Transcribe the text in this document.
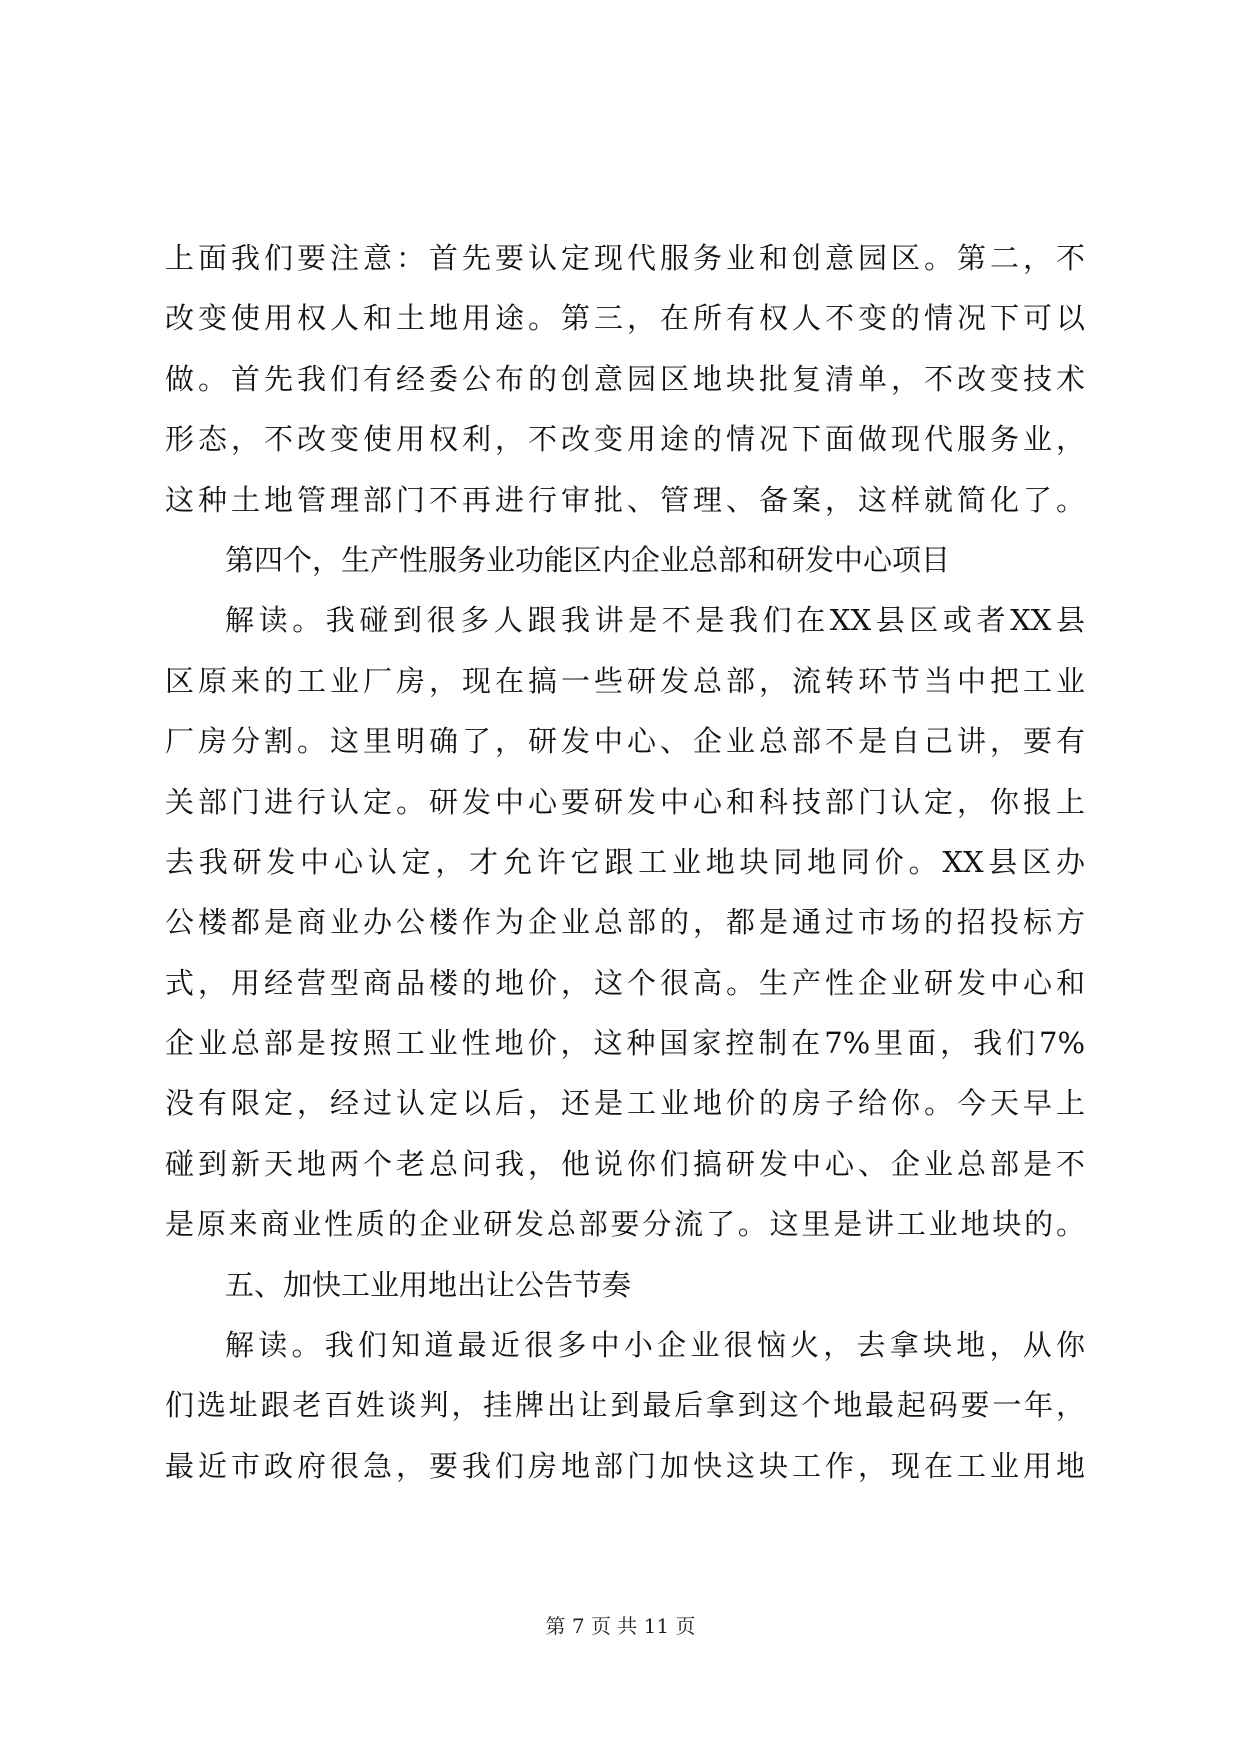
上面我们要注意：首先要认定现代服务业和创意园区。第二，不
改变使用权人和土地用途。第三，在所有权人不变的情况下可以
做。首先我们有经委公布的创意园区地块批复清单，不改变技术
形态，不改变使用权利，不改变用途的情况下面做现代服务业，
这种土地管理部门不再进行审批、管理、备案，这样就简化了。
第四个，生产性服务业功能区内企业总部和研发中心项目
解读。我碰到很多人跟我讲是不是我们在XX县区或者XX县
区原来的工业厂房，现在搞一些研发总部，流转环节当中把工业
厂房分割。这里明确了，研发中心、企业总部不是自己讲，要有
关部门进行认定。研发中心要研发中心和科技部门认定，你报上
去我研发中心认定，才允许它跟工业地块同地同价。XX县区办
公楼都是商业办公楼作为企业总部的，都是通过市场的招投标方
式，用经营型商品楼的地价，这个很高。生产性企业研发中心和
企业总部是按照工业性地价，这种国家控制在7%里面，我们7%
没有限定，经过认定以后，还是工业地价的房子给你。今天早上
碰到新天地两个老总问我，他说你们搞研发中心、企业总部是不
是原来商业性质的企业研发总部要分流了。这里是讲工业地块的。
五、加快工业用地出让公告节奏
解读。我们知道最近很多中小企业很恼火，去拿块地，从你
们选址跟老百姓谈判，挂牌出让到最后拿到这个地最起码要一年，
最近市政府很急，要我们房地部门加快这块工作，现在工业用地
第 7 页 共 11 页
